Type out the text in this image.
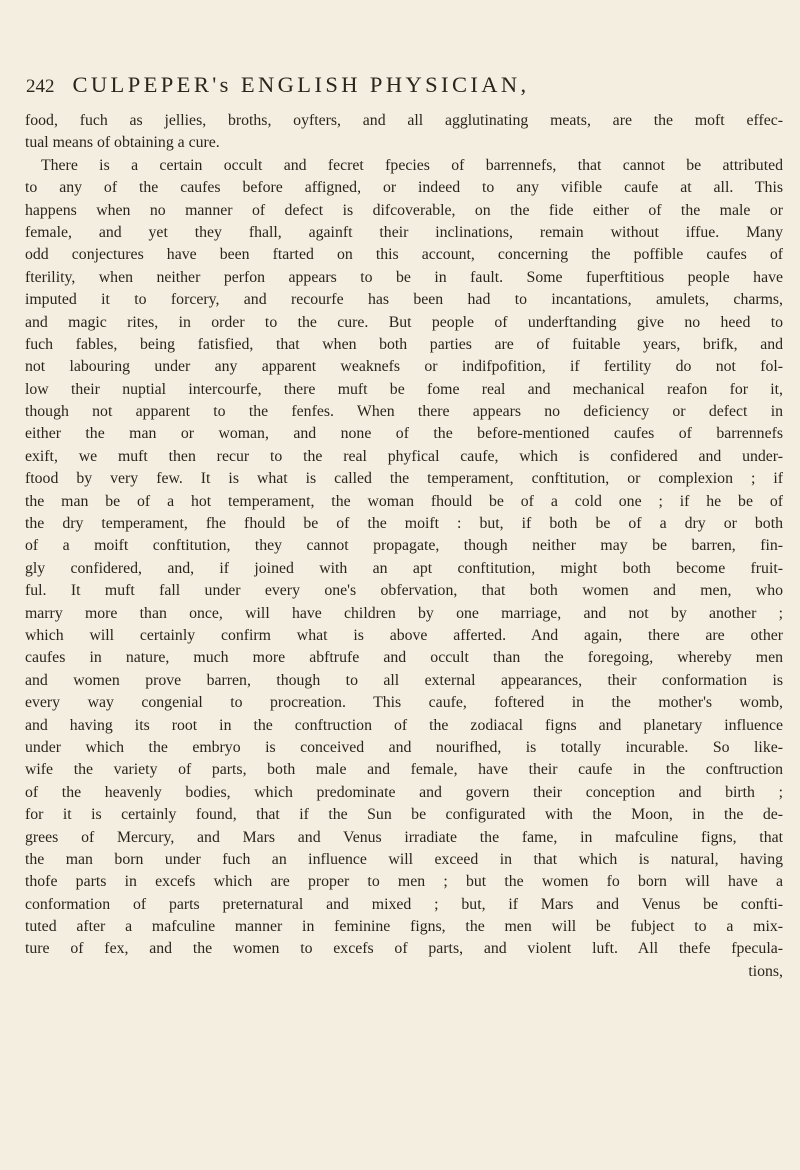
242 CULPEPER's ENGLISH PHYSICIAN,
food, fuch as jellies, broths, oyfters, and all agglutinating meats, are the moft effec-
tual means of obtaining a cure.
There is a certain occult and fecret fpecies of barrennefs, that cannot be attributed
to any of the caufes before affigned, or indeed to any vifible caufe at all. This
happens when no manner of defect is difcoverable, on the fide either of the male or
female, and yet they fhall, againft their inclinations, remain without iffue. Many
odd conjectures have been ftarted on this account, concerning the poffible caufes of
fterility, when neither perfon appears to be in fault. Some fuperftitious people have
imputed it to forcery, and recourfe has been had to incantations, amulets, charms,
and magic rites, in order to the cure. But people of underftanding give no heed to
fuch fables, being fatisfied, that when both parties are of fuitable years, brifk, and
not labouring under any apparent weaknefs or indifpofition, if fertility do not fol-
low their nuptial intercourfe, there muft be fome real and mechanical reafon for it,
though not apparent to the fenfes. When there appears no deficiency or defect in
either the man or woman, and none of the before-mentioned caufes of barrennefs
exift, we muft then recur to the real phyfical caufe, which is confidered and under-
ftood by very few. It is what is called the temperament, conftitution, or complexion ; if
the man be of a hot temperament, the woman fhould be of a cold one ; if he be of
the dry temperament, fhe fhould be of the moift : but, if both be of a dry or both
of a moift conftitution, they cannot propagate, though neither may be barren, fin-
gly confidered, and, if joined with an apt conftitution, might both become fruit-
ful. It muft fall under every one's obfervation, that both women and men, who
marry more than once, will have children by one marriage, and not by another ;
which will certainly confirm what is above afferted. And again, there are other
caufes in nature, much more abftrufe and occult than the foregoing, whereby men
and women prove barren, though to all external appearances, their conformation is
every way congenial to procreation. This caufe, foftered in the mother's womb,
and having its root in the conftruction of the zodiacal figns and planetary influence
under which the embryo is conceived and nourifhed, is totally incurable. So like-
wife the variety of parts, both male and female, have their caufe in the conftruction
of the heavenly bodies, which predominate and govern their conception and birth ;
for it is certainly found, that if the Sun be configurated with the Moon, in the de-
grees of Mercury, and Mars and Venus irradiate the fame, in mafculine figns, that
the man born under fuch an influence will exceed in that which is natural, having
thofe parts in excefs which are proper to men ; but the women fo born will have a
conformation of parts preternatural and mixed ; but, if Mars and Venus be confti-
tuted after a mafculine manner in feminine figns, the men will be fubject to a mix-
ture of fex, and the women to excefs of parts, and violent luft. All thefe fpecula-
tions,
